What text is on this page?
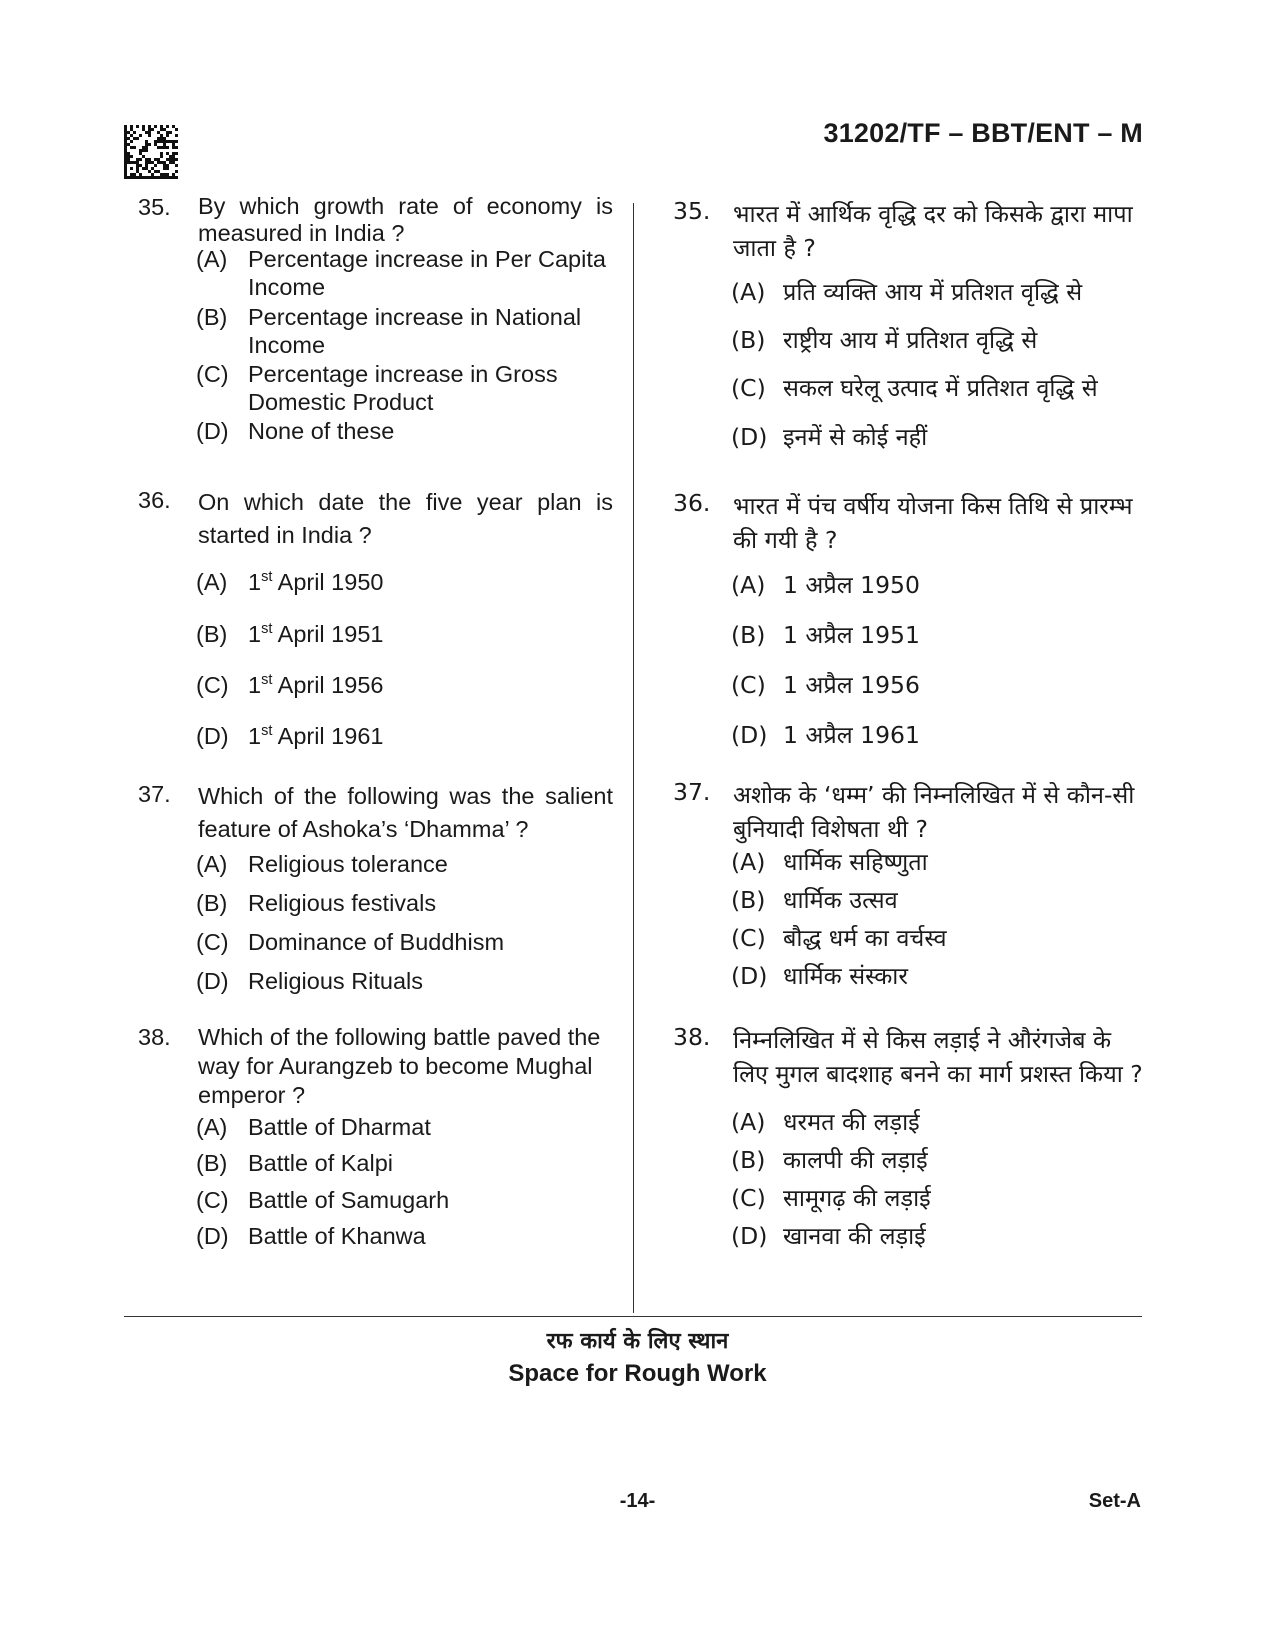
31202/TF – BBT/ENT – M
35.	By which growth rate of economy is measured in India ?
(A) Percentage increase in Per Capita Income
(B) Percentage increase in National Income
(C) Percentage increase in Gross Domestic Product
(D) None of these
36.	On which date the five year plan is started in India ?
(A) 1st April 1950
(B) 1st April 1951
(C) 1st April 1956
(D) 1st April 1961
37.	Which of the following was the salient feature of Ashoka’s ‘Dhamma’ ?
(A) Religious tolerance
(B) Religious festivals
(C) Dominance of Buddhism
(D) Religious Rituals
38.	Which of the following battle paved the way for Aurangzeb to become Mughal emperor ?
(A) Battle of Dharmat
(B) Battle of Kalpi
(C) Battle of Samugarh
(D) Battle of Khanwa
35. भारत में आर्थिक वृद्धि दर को किसके द्वारा मापा जाता है ?
(A) प्रति व्यक्ति आय में प्रतिशत वृद्धि से
(B) राष्ट्रीय आय में प्रतिशत वृद्धि से
(C) सकल घरेलू उत्पाद में प्रतिशत वृद्धि से
(D) इनमें से कोई नहीं
36. भारत में पंच वर्षीय योजना किस तिथि से प्रारम्भ की गयी है ?
(A) 1 अप्रैल 1950
(B) 1 अप्रैल 1951
(C) 1 अप्रैल 1956
(D) 1 अप्रैल 1961
37. अशोक के ‘धम्म’ की निम्नलिखित में से कौन-सी बुनियादी विशेषता थी ?
(A) धार्मिक सहिष्णुता
(B) धार्मिक उत्सव
(C) बौद्ध धर्म का वर्चस्व
(D) धार्मिक संस्कार
38. निम्नलिखित में से किस लड़ाई ने औरंगजेब के लिए मुगल बादशाह बनने का मार्ग प्रशस्त किया ?
(A) धरमत की लड़ाई
(B) कालपी की लड़ाई
(C) सामूगढ़ की लड़ाई
(D) खानवा की लड़ाई
रफ कार्य के लिए स्थान
Space for Rough Work
-14-	Set-A
